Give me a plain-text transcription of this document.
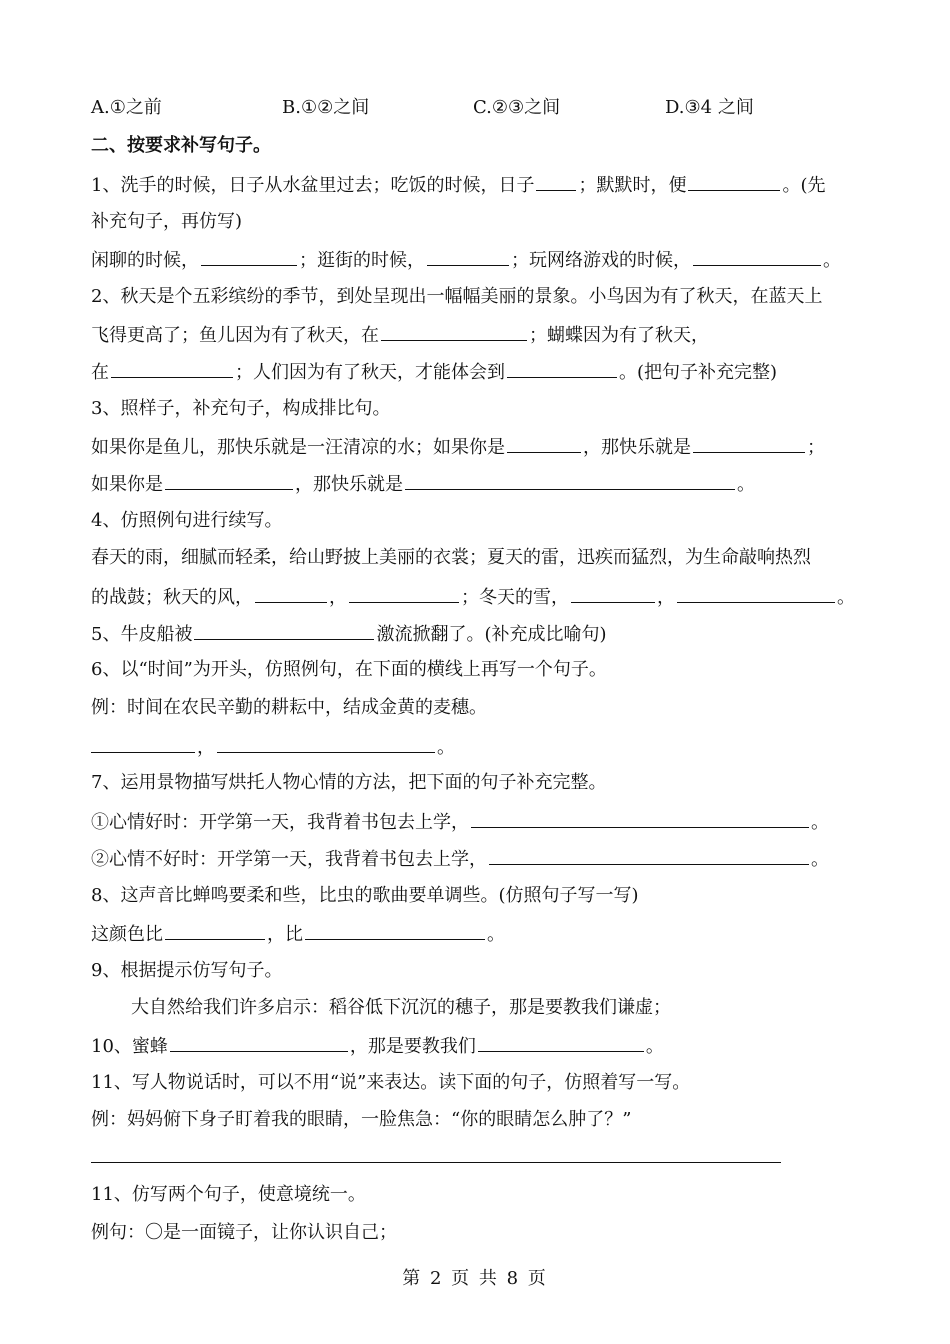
A.①之前	B.①②之间	C.②③之间	D.③4 之间
二、按要求补写句子。
1、洗手的时候，日子从水盆里过去；吃饭的时候，日子 ；默默时，便	。(先
补充句子，再仿写)
闲聊的时候，	；逛街的时候，	；玩网络游戏的时候，	。
2、秋天是个五彩缤纷的季节，到处呈现出一幅幅美丽的景象。小鸟因为有了秋天，在蓝天上
飞得更高了；鱼儿因为有了秋天，在	；蝴蝶因为有了秋天，
在	；人们因为有了秋天，才能体会到	。(把句子补充完整)
3、照样子，补充句子，构成排比句。
如果你是鱼儿，那快乐就是一汪清凉的水；如果你是	，那快乐就是	；
如果你是	，那快乐就是	。
4、仿照例句进行续写。
春天的雨，细腻而轻柔，给山野披上美丽的衣裳；夏天的雷，迅疾而猛烈，为生命敲响热烈
的战鼓；秋天的风，	，	；冬天的雪，	，	。
5、牛皮船被	激流掀翻了。(补充成比喻句)
6、以“时间”为开头，仿照例句，在下面的横线上再写一个句子。
例：时间在农民辛勤的耕耘中，结成金黄的麦穗。
，	。
7、运用景物描写烘托人物心情的方法，把下面的句子补充完整。
①心情好时：开学第一天，我背着书包去上学，	。
②心情不好时：开学第一天，我背着书包去上学，	。
8、这声音比蝉鸣要柔和些，比虫的歌曲要单调些。(仿照句子写一写)
这颜色比	，比	。
9、根据提示仿写句子。
大自然给我们许多启示：稻谷低下沉沉的穗子，那是要教我们谦虚；
10、蜜蜂	，那是要教我们	。
11、写人物说话时，可以不用“说”来表达。读下面的句子，仿照着写一写。
例：妈妈俯下身子盯着我的眼睛，一脸焦急：“你的眼睛怎么肿了？”
11、仿写两个句子，使意境统一。
例句：〇是一面镜子，让你认识自己；
第 2 页 共 8 页
